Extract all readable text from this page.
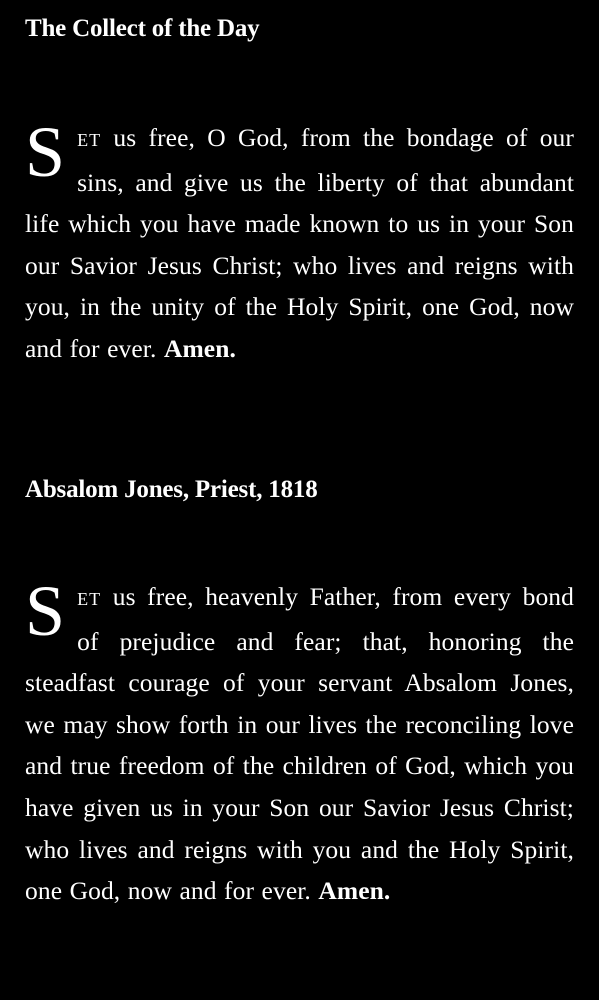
The Collect of the Day
SET us free, O God, from the bondage of our sins, and give us the liberty of that abundant life which you have made known to us in your Son our Savior Jesus Christ; who lives and reigns with you, in the unity of the Holy Spirit, one God, now and for ever. Amen.
Absalom Jones, Priest, 1818
SET us free, heavenly Father, from every bond of prejudice and fear; that, honoring the steadfast courage of your servant Absalom Jones, we may show forth in our lives the reconciling love and true freedom of the children of God, which you have given us in your Son our Savior Jesus Christ; who lives and reigns with you and the Holy Spirit, one God, now and for ever. Amen.
